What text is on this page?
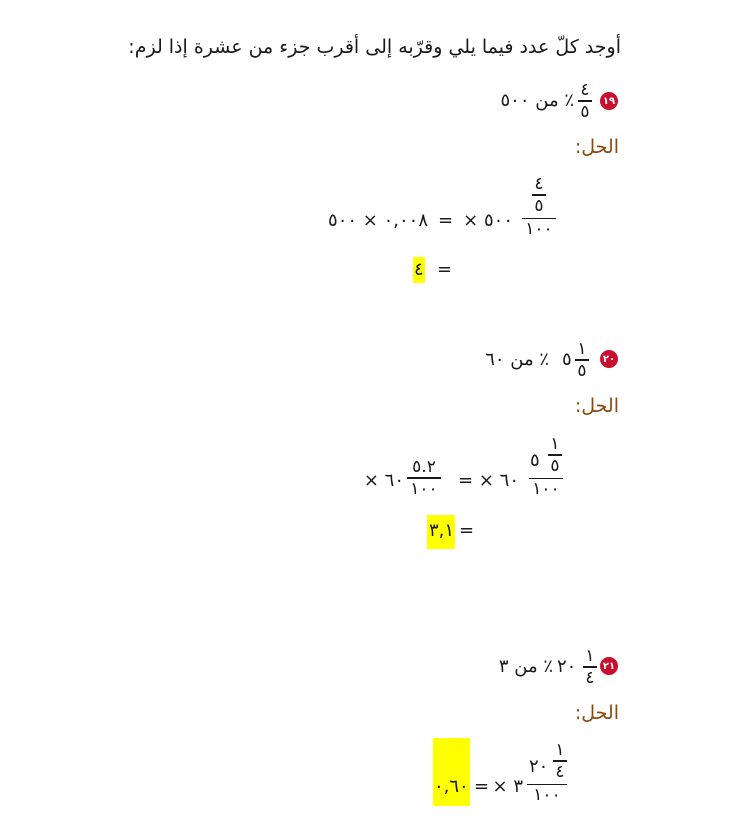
أوجد كلّ عدد فيما يلي وقرّبه إلى أقرب جزء من عشرة إذا لزم:
١٩
٤
٥
٪ من ٥٠٠
الحل:
٤
٥
١٠٠
× ٥٠٠
=
٠,٠٠٨ × ٥٠٠
=
٤
٢٠
١
٥
٥
٪ من ٦٠
الحل:
٥
١
٥
١٠٠
× ٦٠
=
٥.٢
١٠٠
× ٦٠
٣,١ =
٢١
١
٤
٢٠
٪ من ٣
الحل:
٢٠
١
٤
١٠٠
× ٣
=
٠,٦٠
